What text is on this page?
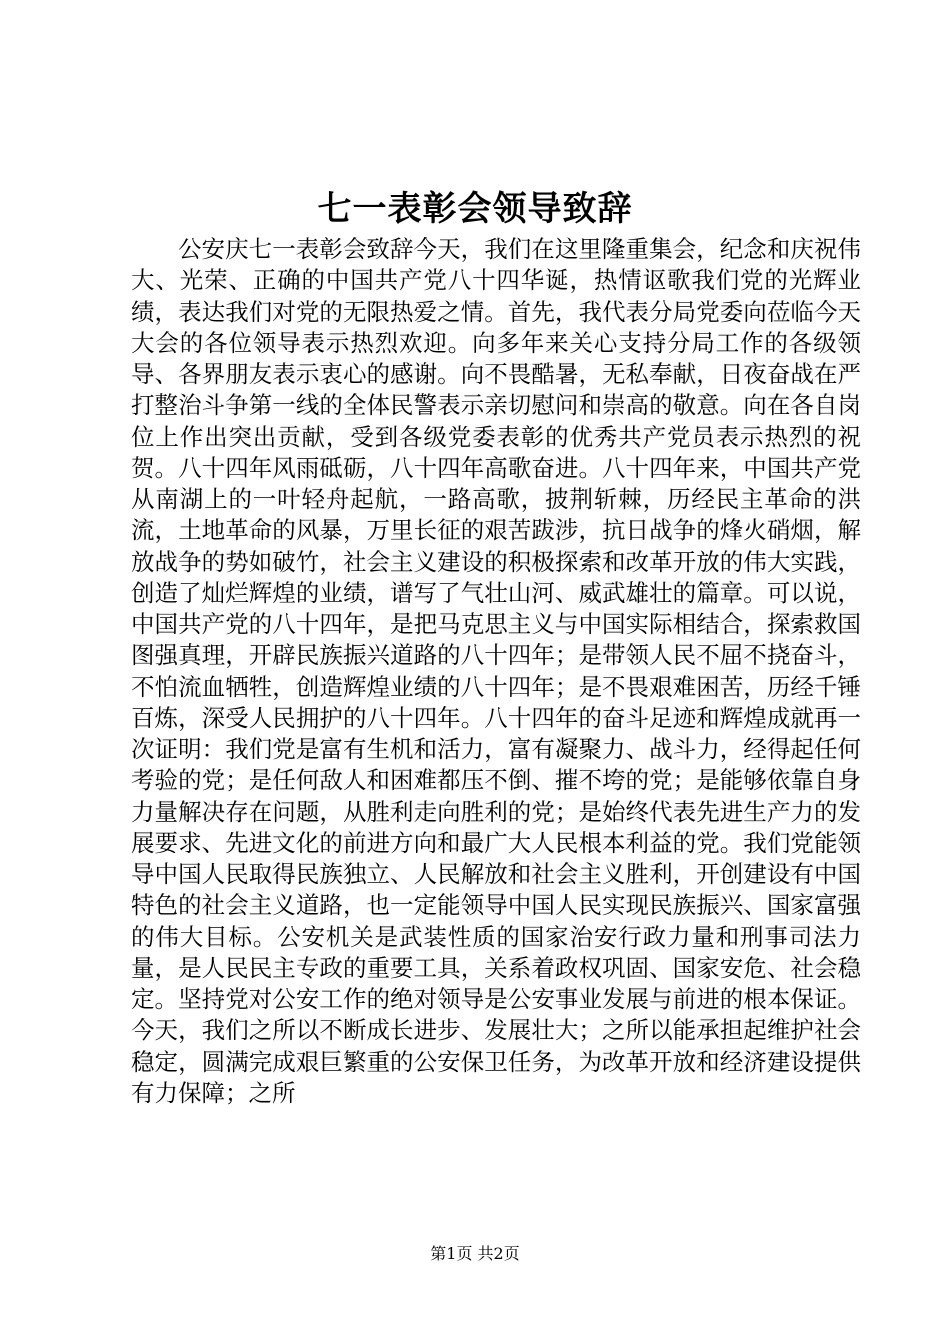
七一表彰会领导致辞

公安庆七一表彰会致辞今天，我们在这里隆重集会，纪念和庆祝伟大、光荣、正确的中国共产党八十四华诞，热情讴歌我们党的光辉业绩，表达我们对党的无限热爱之情。首先，我代表分局党委向莅临今天大会的各位领导表示热烈欢迎。向多年来关心支持分局工作的各级领导、各界朋友表示衷心的感谢。向不畏酷暑，无私奉献，日夜奋战在严打整治斗争第一线的全体民警表示亲切慰问和崇高的敬意。向在各自岗位上作出突出贡献，受到各级党委表彰的优秀共产党员表示热烈的祝贺。八十四年风雨砥砺，八十四年高歌奋进。八十四年来，中国共产党从南湖上的一叶轻舟起航，一路高歌，披荆斩棘，历经民主革命的洪流，土地革命的风暴，万里长征的艰苦跋涉，抗日战争的烽火硝烟，解放战争的势如破竹，社会主义建设的积极探索和改革开放的伟大实践，创造了灿烂辉煌的业绩，谱写了气壮山河、威武雄壮的篇章。可以说，中国共产党的八十四年，是把马克思主义与中国实际相结合，探索救国图强真理，开辟民族振兴道路的八十四年；是带领人民不屈不挠奋斗，不怕流血牺牲，创造辉煌业绩的八十四年；是不畏艰难困苦，历经千锤百炼，深受人民拥护的八十四年。八十四年的奋斗足迹和辉煌成就再一次证明：我们党是富有生机和活力，富有凝聚力、战斗力，经得起任何考验的党；是任何敌人和困难都压不倒、摧不垮的党；是能够依靠自身力量解决存在问题，从胜利走向胜利的党；是始终代表先进生产力的发展要求、先进文化的前进方向和最广大人民根本利益的党。我们党能领导中国人民取得民族独立、人民解放和社会主义胜利，开创建设有中国特色的社会主义道路，也一定能领导中国人民实现民族振兴、国家富强的伟大目标。公安机关是武装性质的国家治安行政力量和刑事司法力量，是人民民主专政的重要工具，关系着政权巩固、国家安危、社会稳定。坚持党对公安工作的绝对领导是公安事业发展与前进的根本保证。今天，我们之所以不断成长进步、发展壮大；之所以能承担起维护社会稳定，圆满完成艰巨繁重的公安保卫任务，为改革开放和经济建设提供有力保障；之所

第1页 共2页
